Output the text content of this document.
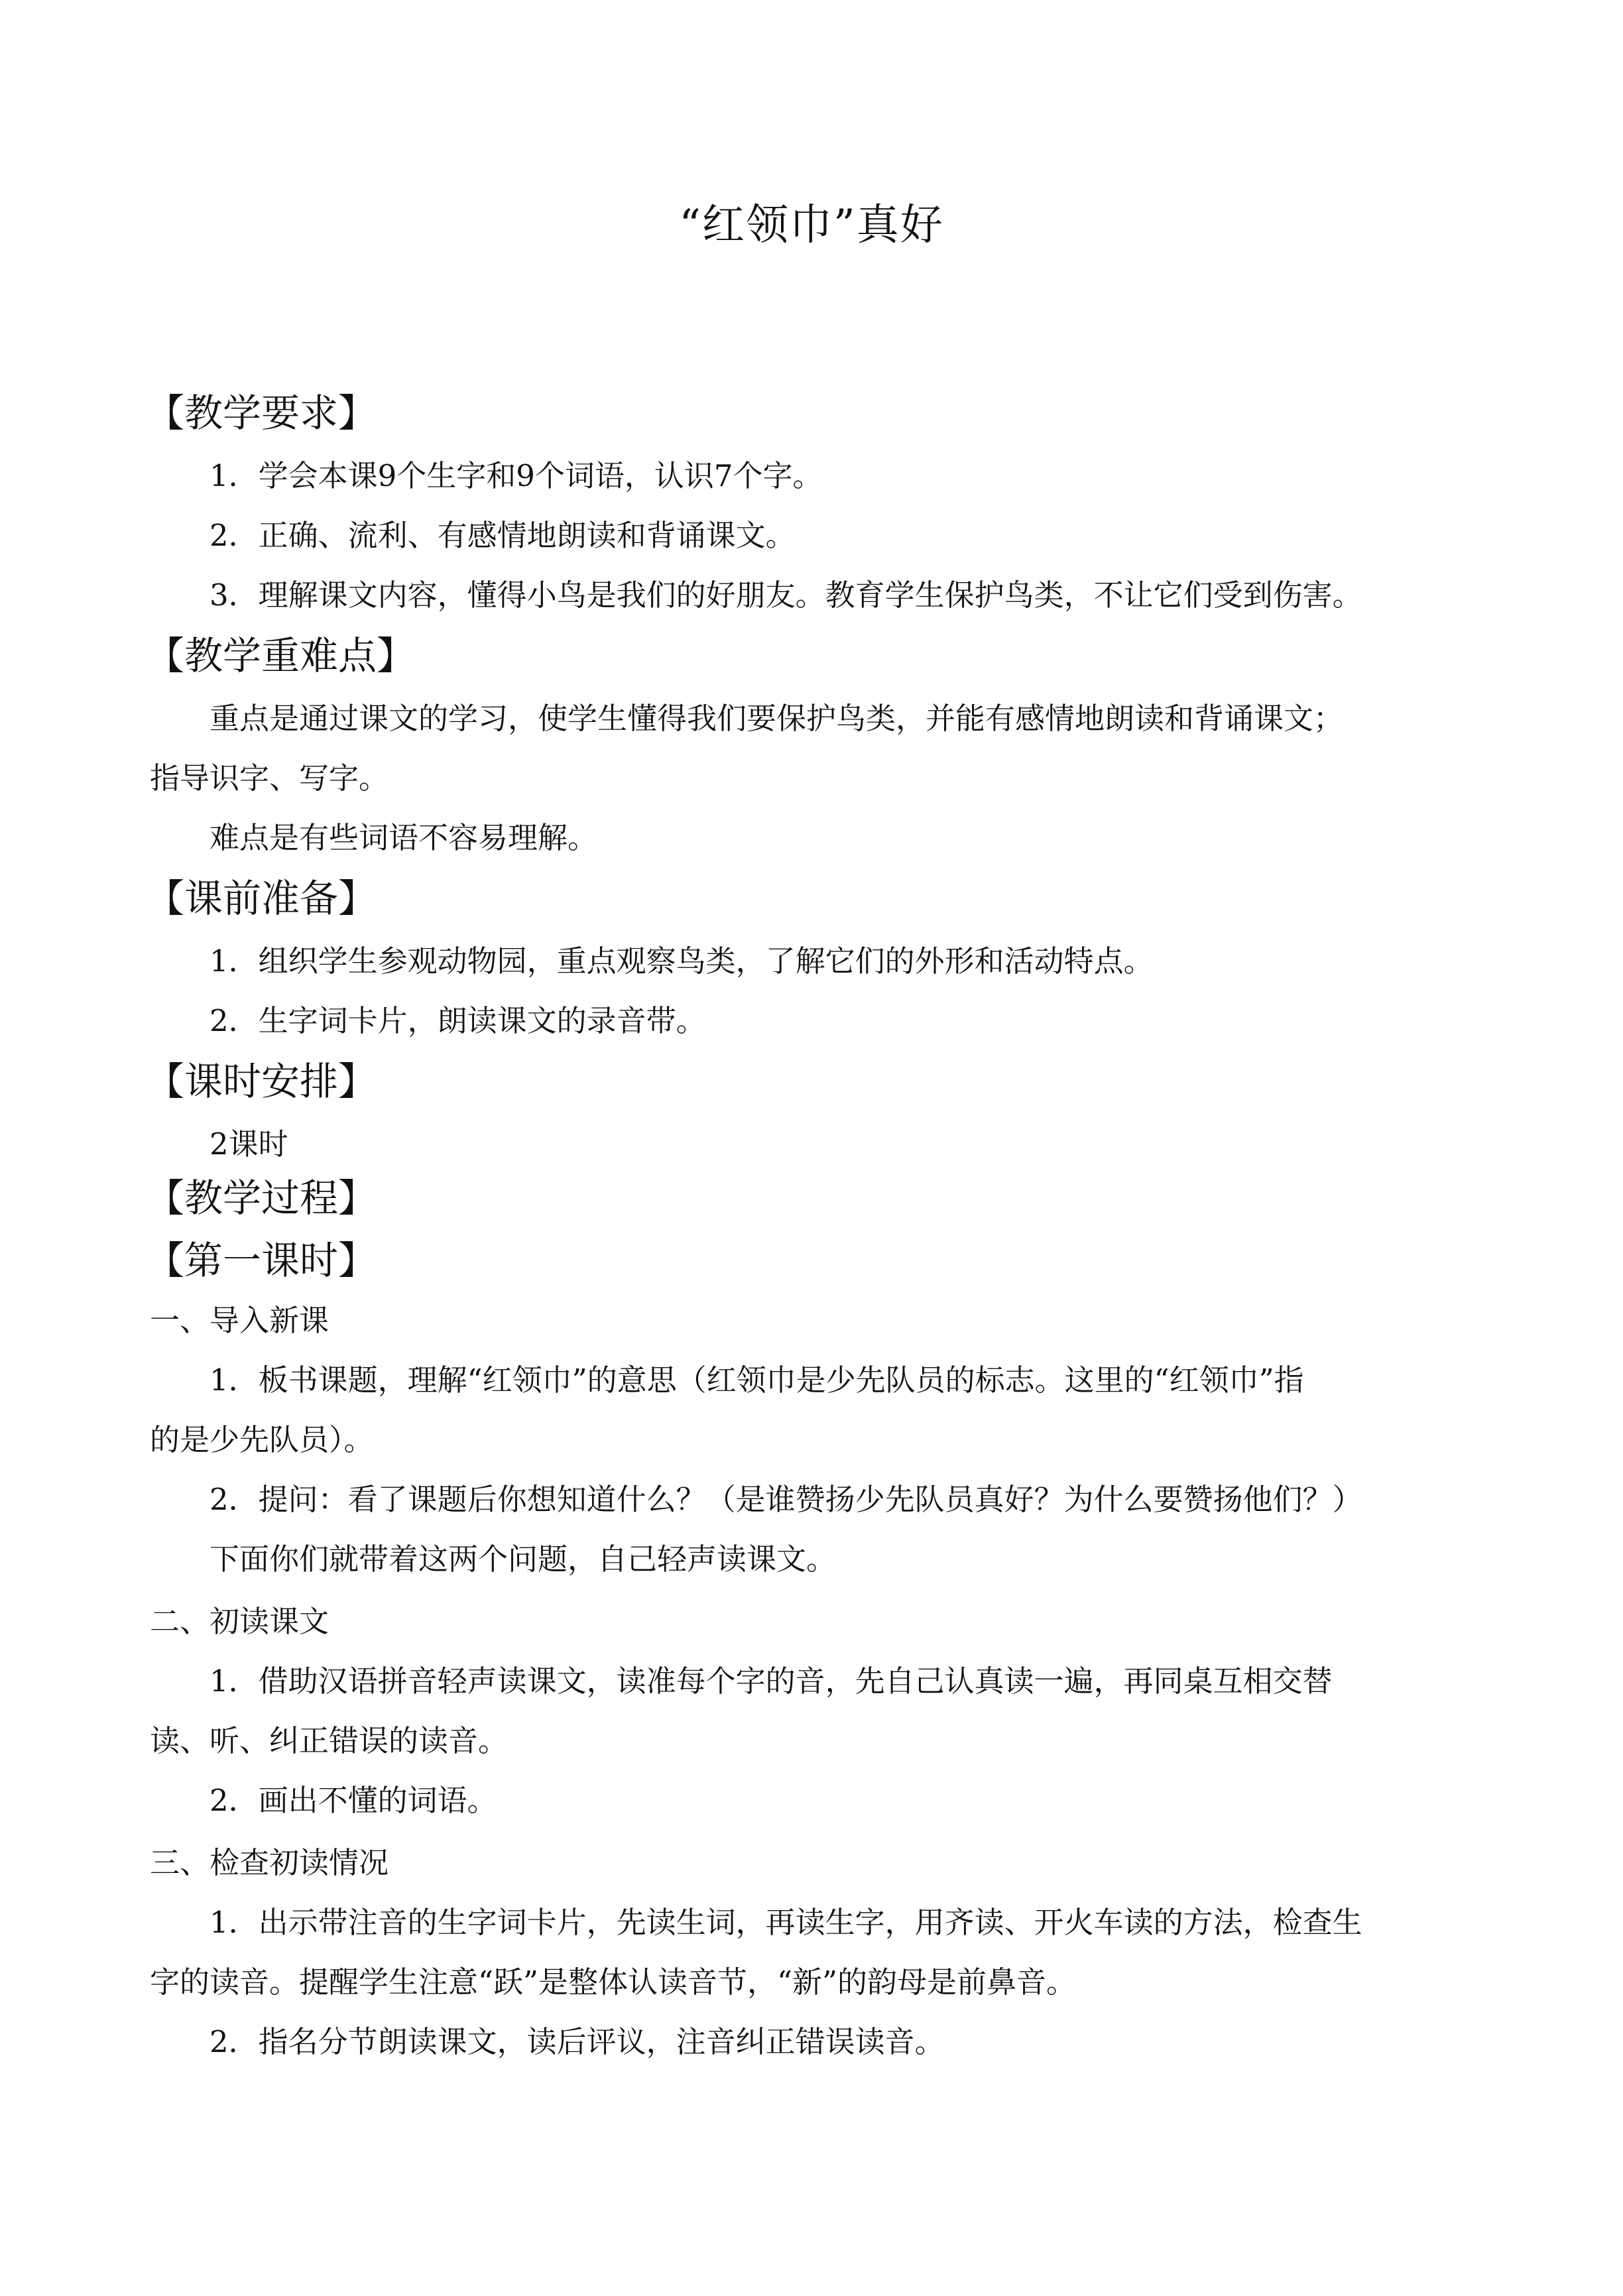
“红领巾”真好
【教学要求】
1．学会本课9个生字和9个词语，认识7个字。
2．正确、流利、有感情地朗读和背诵课文。
3．理解课文内容，懂得小鸟是我们的好朋友。教育学生保护鸟类，不让它们受到伤害。
【教学重难点】
重点是通过课文的学习，使学生懂得我们要保护鸟类，并能有感情地朗读和背诵课文；
指导识字、写字。
难点是有些词语不容易理解。
【课前准备】
1．组织学生参观动物园，重点观察鸟类，了解它们的外形和活动特点。
2．生字词卡片，朗读课文的录音带。
【课时安排】
2课时
【教学过程】
【第一课时】
一、导入新课
1．板书课题，理解“红领巾”的意思（红领巾是少先队员的标志。这里的“红领巾”指
的是少先队员）。
2．提问：看了课题后你想知道什么？（是谁赞扬少先队员真好？为什么要赞扬他们？）
下面你们就带着这两个问题，自己轻声读课文。
二、初读课文
1．借助汉语拼音轻声读课文，读准每个字的音，先自己认真读一遍，再同桌互相交替
读、听、纠正错误的读音。
2．画出不懂的词语。
三、检查初读情况
1．出示带注音的生字词卡片，先读生词，再读生字，用齐读、开火车读的方法，检查生
字的读音。提醒学生注意“跃”是整体认读音节，“新”的韵母是前鼻音。
2．指名分节朗读课文，读后评议，注音纠正错误读音。
